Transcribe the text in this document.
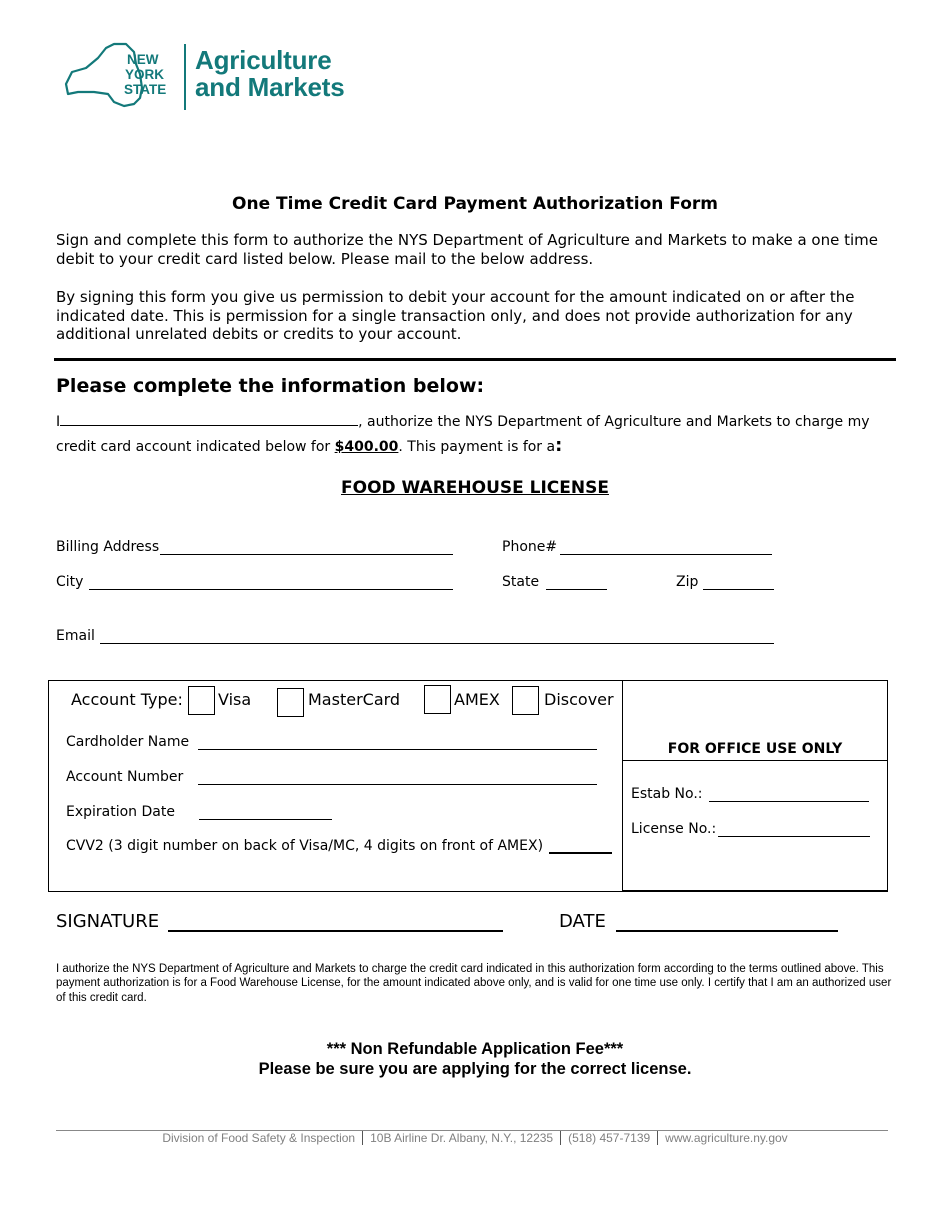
NEW
YORK
STATE
Agriculture
and Markets
One Time Credit Card Payment Authorization Form
Sign and complete this form to authorize the NYS Department of Agriculture and Markets to make a one time debit to your credit card listed below. Please mail to the below address.
By signing this form you give us permission to debit your account for the amount indicated on or after the indicated date. This is permission for a single transaction only, and does not provide authorization for any additional unrelated debits or credits to your account.
Please complete the information below:
I	, authorize the NYS Department of Agriculture and Markets to charge my
credit card account indicated below for $400.00. This payment is for a:
FOOD WAREHOUSE LICENSE
Billing Address	Phone#
City	State	Zip
Email
Account Type: Visa	MasterCard	AMEX	Discover
Cardholder Name
Account Number
Expiration Date
CVV2 (3 digit number on back of Visa/MC, 4 digits on front of AMEX)
FOR OFFICE USE ONLY
Estab No.:
License No.:
SIGNATURE	DATE
I authorize the NYS Department of Agriculture and Markets to charge the credit card indicated in this authorization form according to the terms outlined above. This payment authorization is for a Food Warehouse License, for the amount indicated above only, and is valid for one time use only. I certify that I am an authorized user of this credit card.
*** Non Refundable Application Fee***
Please be sure you are applying for the correct license.
Division of Food Safety & Inspection 10B Airline Dr. Albany, N.Y., 12235 (518) 457-7139 www.agriculture.ny.gov
